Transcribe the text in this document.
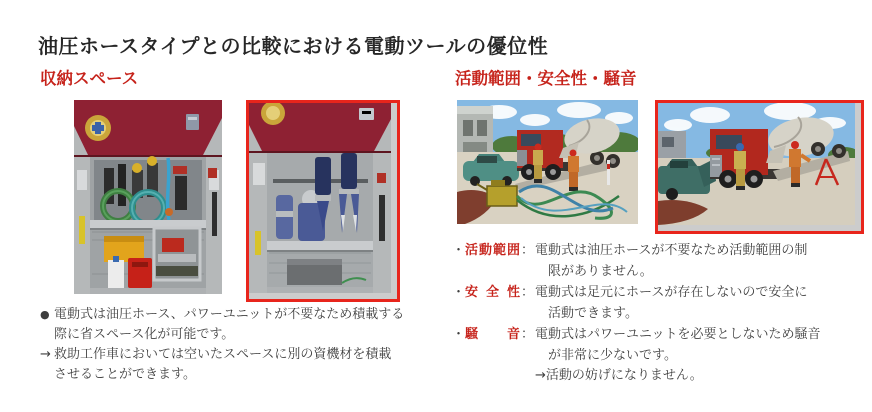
油圧ホースタイプとの比較における電動ツールの優位性
収納スペース	活動範囲・安全性・騒音
● 電動式は油圧ホース、パワーユニットが不要なため積載する
際に省スペース化が可能です。
→ 救助工作車においては空いたスペースに別の資機材を積載
させることができます。
・ 活動範囲 ： 電動式は油圧ホースが不要なため活動範囲の制
限がありません。
・ 安全性 ： 電動式は足元にホースが存在しないので安全に
活動できます。
・ 騒音 ： 電動式はパワーユニットを必要としないため騒音
が非常に少ないです。
→活動の妨げになりません。
